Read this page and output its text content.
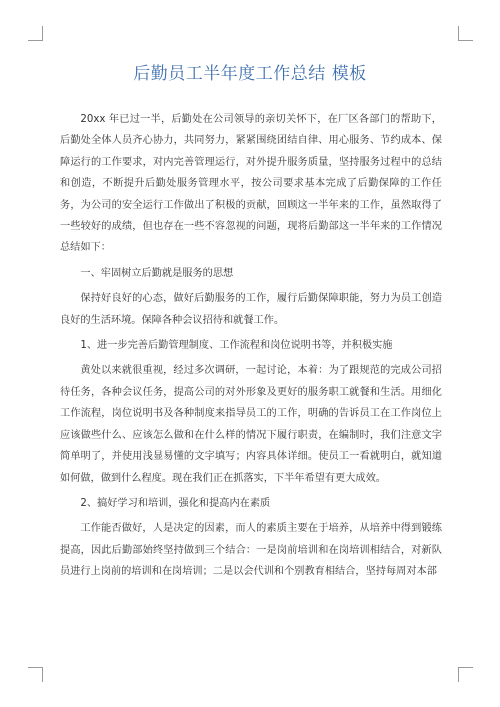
后勤员工半年度工作总结 模板

20xx 年已过一半，后勤处在公司领导的亲切关怀下，在厂区各部门的帮助下，后勤处全体人员齐心协力，共同努力，紧紧围绕团结自律、用心服务、节约成本、保障运行的工作要求，对内完善管理运行，对外提升服务质量，坚持服务过程中的总结和创造，不断提升后勤处服务管理水平，按公司要求基本完成了后勤保障的工作任务，为公司的安全运行工作做出了积极的贡献，回顾这一半年来的工作，虽然取得了一些较好的成绩，但也存在一些不容忽视的问题，现将后勤部这一半年来的工作情况总结如下：

一、牢固树立后勤就是服务的思想

保持好良好的心态，做好后勤服务的工作，履行后勤保障职能，努力为员工创造良好的生活环境。保障各种会议招待和就餐工作。

1、进一步完善后勤管理制度、工作流程和岗位说明书等，并积极实施

黄处以来就很重视，经过多次调研，一起讨论，本着：为了跟规范的完成公司招待任务，各种会议任务，提高公司的对外形象及更好的服务职工就餐和生活。用细化工作流程，岗位说明书及各种制度来指导员工的工作，明确的告诉员工在工作岗位上应该做些什么、应该怎么做和在什么样的情况下履行职责，在编制时，我们注意文字简单明了，并使用浅显易懂的文字填写；内容具体详细。使员工一看就明白，就知道如何做，做到什么程度。现在我们正在抓落实，下半年希望有更大成效。

2、搞好学习和培训，强化和提高内在素质

工作能否做好，人是决定的因素，而人的素质主要在于培养，从培养中得到锻练提高，因此后勤部始终坚持做到三个结合：一是岗前培训和在岗培训相结合，对新队员进行上岗前的培训和在岗培训；二是以会代训和个别教育相结合，坚持每周对本部
